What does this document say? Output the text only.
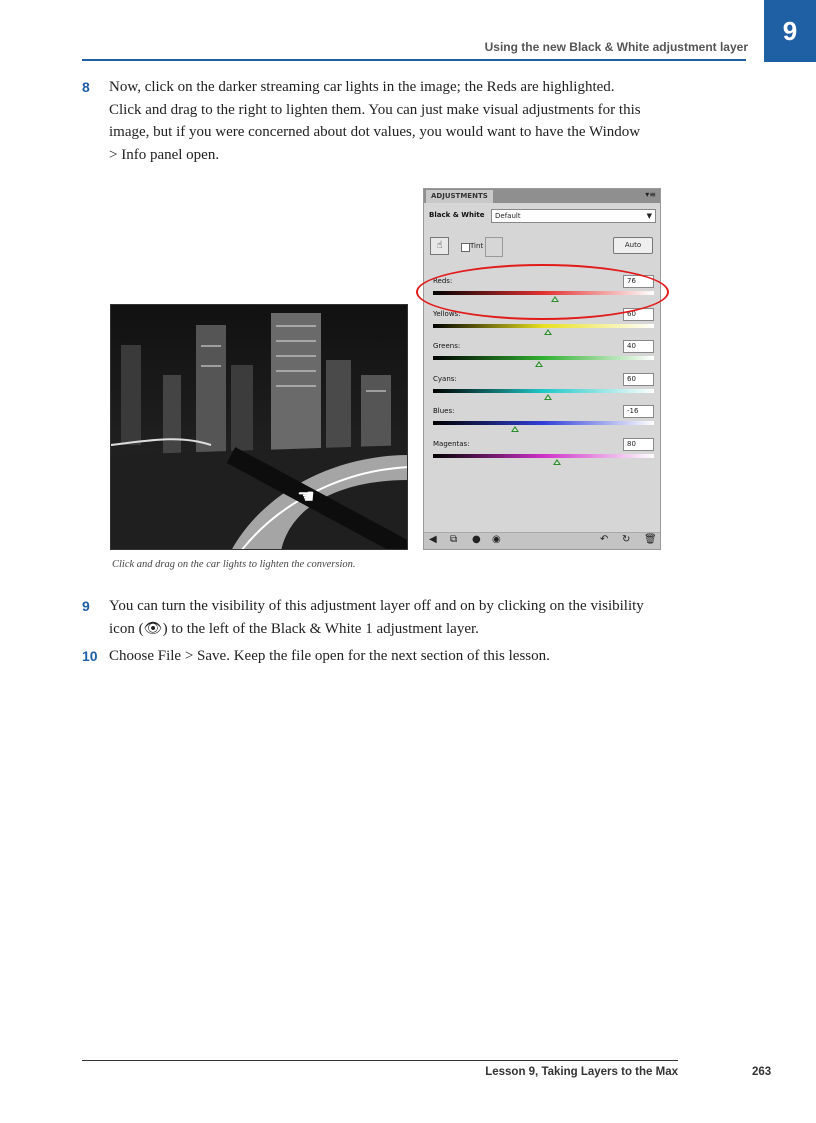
Using the new Black & White adjustment layer
9
8 Now, click on the darker streaming car lights in the image; the Reds are highlighted.
Click and drag to the right to lighten them. You can just make visual adjustments for this
image, but if you were concerned about dot values, you would want to have the Window
> Info panel open.
☚
Click and drag on the car lights to lighten the conversion.
ADJUSTMENTS	▾≡
Black & White	Default	▼
☝	Tint	Auto
Reds:	76
Yellows:	60
Greens:	40
Cyans:	60
Blues:	-16
Magentas:	80
◀ ⧉ ● ◉	↶ ↻ 🗑
9 You can turn the visibility of this adjustment layer off and on by clicking on the visibility
icon (👁) to the left of the Black & White 1 adjustment layer.
10 Choose File > Save. Keep the file open for the next section of this lesson.
Lesson 9, Taking Layers to the Max	263
